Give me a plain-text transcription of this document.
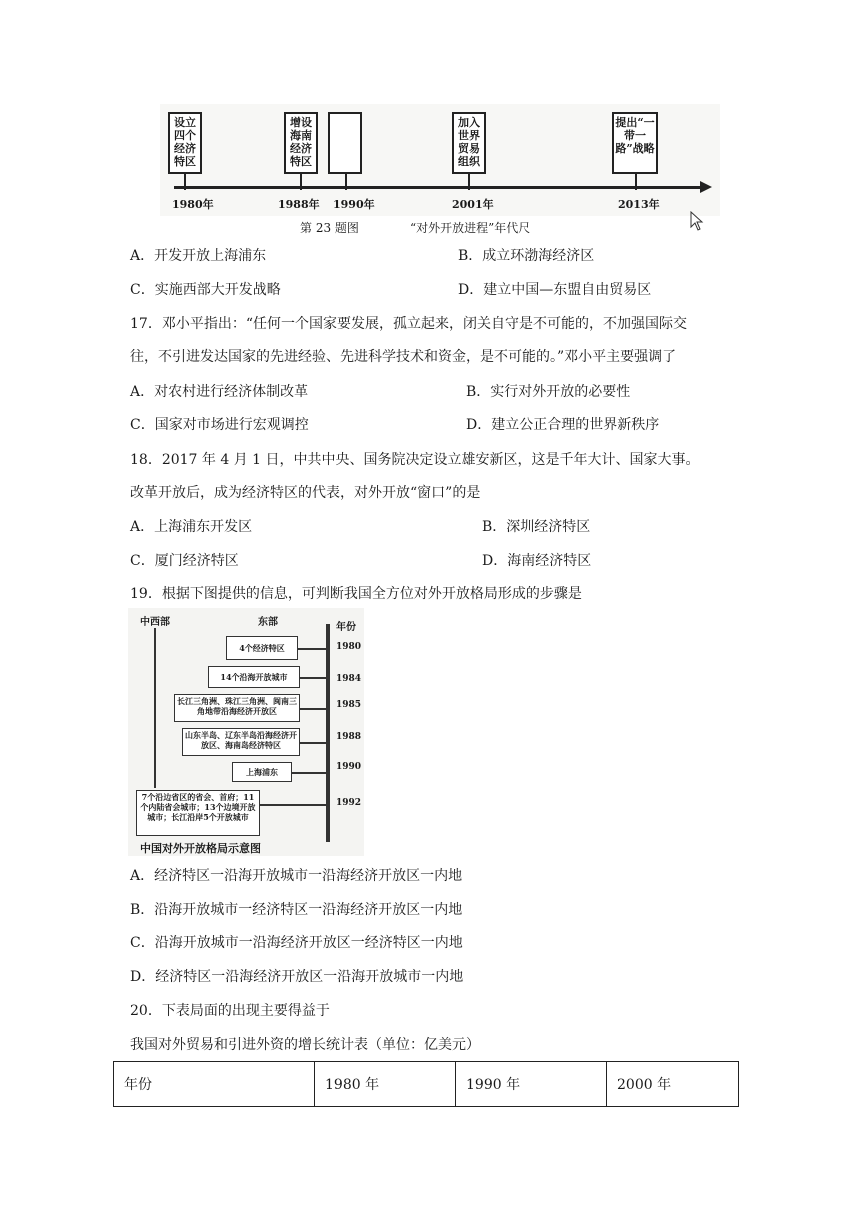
设立四个经济特区
增设海南经济特区
加入世界贸易组织
提出“一带一路”战略
1980年	1988年 1990年	2001年	2013年
第 23 题图	“对外开放进程”年代尺
A．开发开放上海浦东	B．成立环渤海经济区
C．实施西部大开发战略	D．建立中国—东盟自由贸易区
17．邓小平指出：“任何一个国家要发展，孤立起来，闭关自守是不可能的，不加强国际交
往，不引进发达国家的先进经验、先进科学技术和资金，是不可能的。”邓小平主要强调了
A．对农村进行经济体制改革	B．实行对外开放的必要性
C．国家对市场进行宏观调控	D．建立公正合理的世界新秩序
18．2017 年 4 月 1 日，中共中央、国务院决定设立雄安新区，这是千年大计、国家大事。
改革开放后，成为经济特区的代表，对外开放“窗口”的是
A．上海浦东开发区	B．深圳经济特区
C．厦门经济特区	D．海南经济特区
19．根据下图提供的信息，可判断我国全方位对外开放格局形成的步骤是
中西部	东部	年份
4个经济特区
14个沿海开放城市
长江三角洲、珠江三角洲、闽南三角地带沿海经济开放区
山东半岛、辽东半岛沿海经济开放区、海南岛经济特区
上海浦东
7个沿边省区的省会、首府；11个内陆省会城市；13个边境开放城市；长江沿岸5个开放城市
1980
1984
1985
1988
1990
1992
中国对外开放格局示意图
A．经济特区一沿海开放城市一沿海经济开放区一内地
B．沿海开放城市一经济特区一沿海经济开放区一内地
C．沿海开放城市一沿海经济开放区一经济特区一内地
D．经济特区一沿海经济开放区一沿海开放城市一内地
20．下表局面的出现主要得益于
我国对外贸易和引进外资的增长统计表（单位：亿美元）
年份	1980 年	1990 年	2000 年
